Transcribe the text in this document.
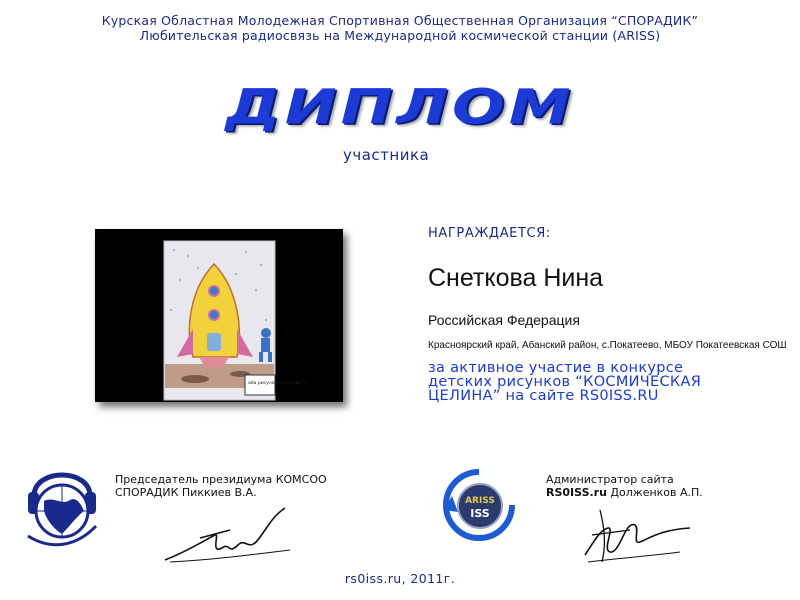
Курская Областная Молодежная Спортивная Общественная Организация “СПОРАДИК”
Любительская радиосвязь на Международной космической станции (ARISS)
ДИПЛОМ
участника
айа рисунок Снеткова Н.
НАГРАЖДАЕТСЯ:
Снеткова Нина
Российская Федерация
Красноярский край, Абанский район, с.Покатеево, МБОУ Покатеевская СОШ
за активное участие в конкурсе
детских рисунков “КОСМИЧЕСКАЯ
ЦЕЛИНА” на сайте RS0ISS.RU
Председатель президиума КОМСОО
СПОРАДИК Пиккиев В.А.
ARISS
ISS
Администратор сайта
RS0ISS.ru Долженков А.П.
rs0iss.ru, 2011г.
